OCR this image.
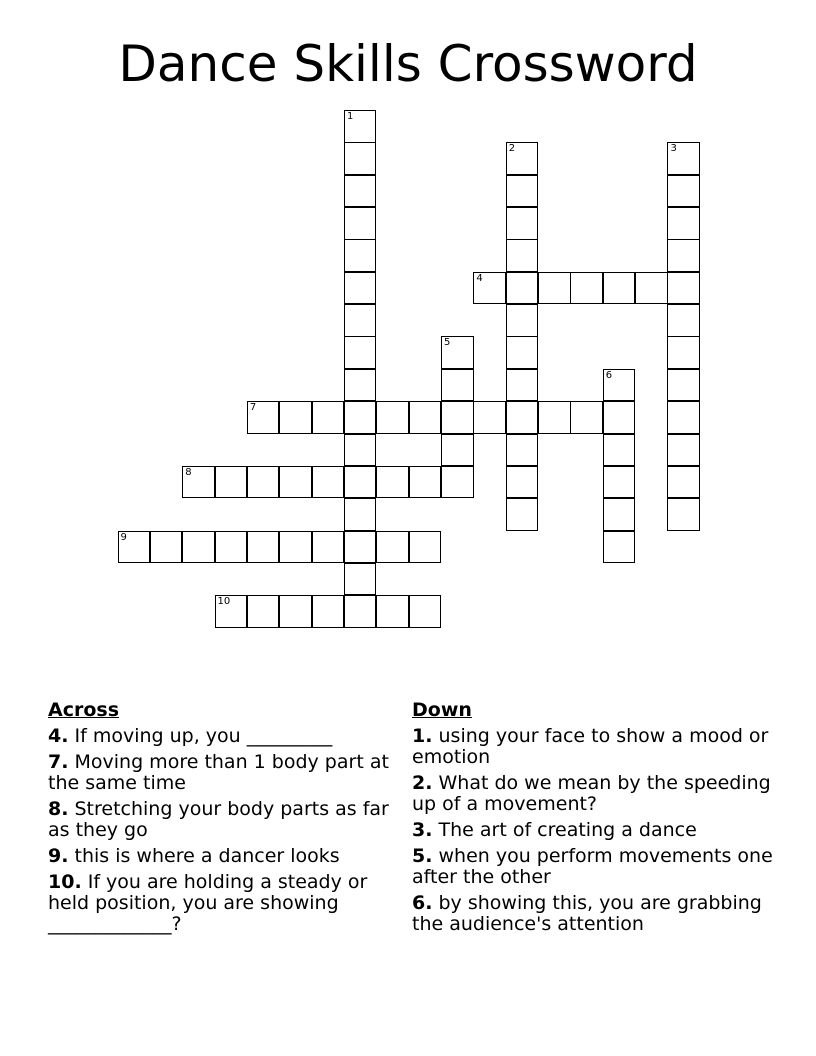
Dance Skills Crossword
4
7
8
9
10
1
2	3
5
6
Across
4. If moving up, you _________
7. Moving more than 1 body part at the same time
8. Stretching your body parts as far as they go
9. this is where a dancer looks
10. If you are holding a steady or held position, you are showing _____________?
Down
1. using your face to show a mood or emotion
2. What do we mean by the speeding up of a movement?
3. The art of creating a dance
5. when you perform movements one after the other
6. by showing this, you are grabbing the audience's attention
